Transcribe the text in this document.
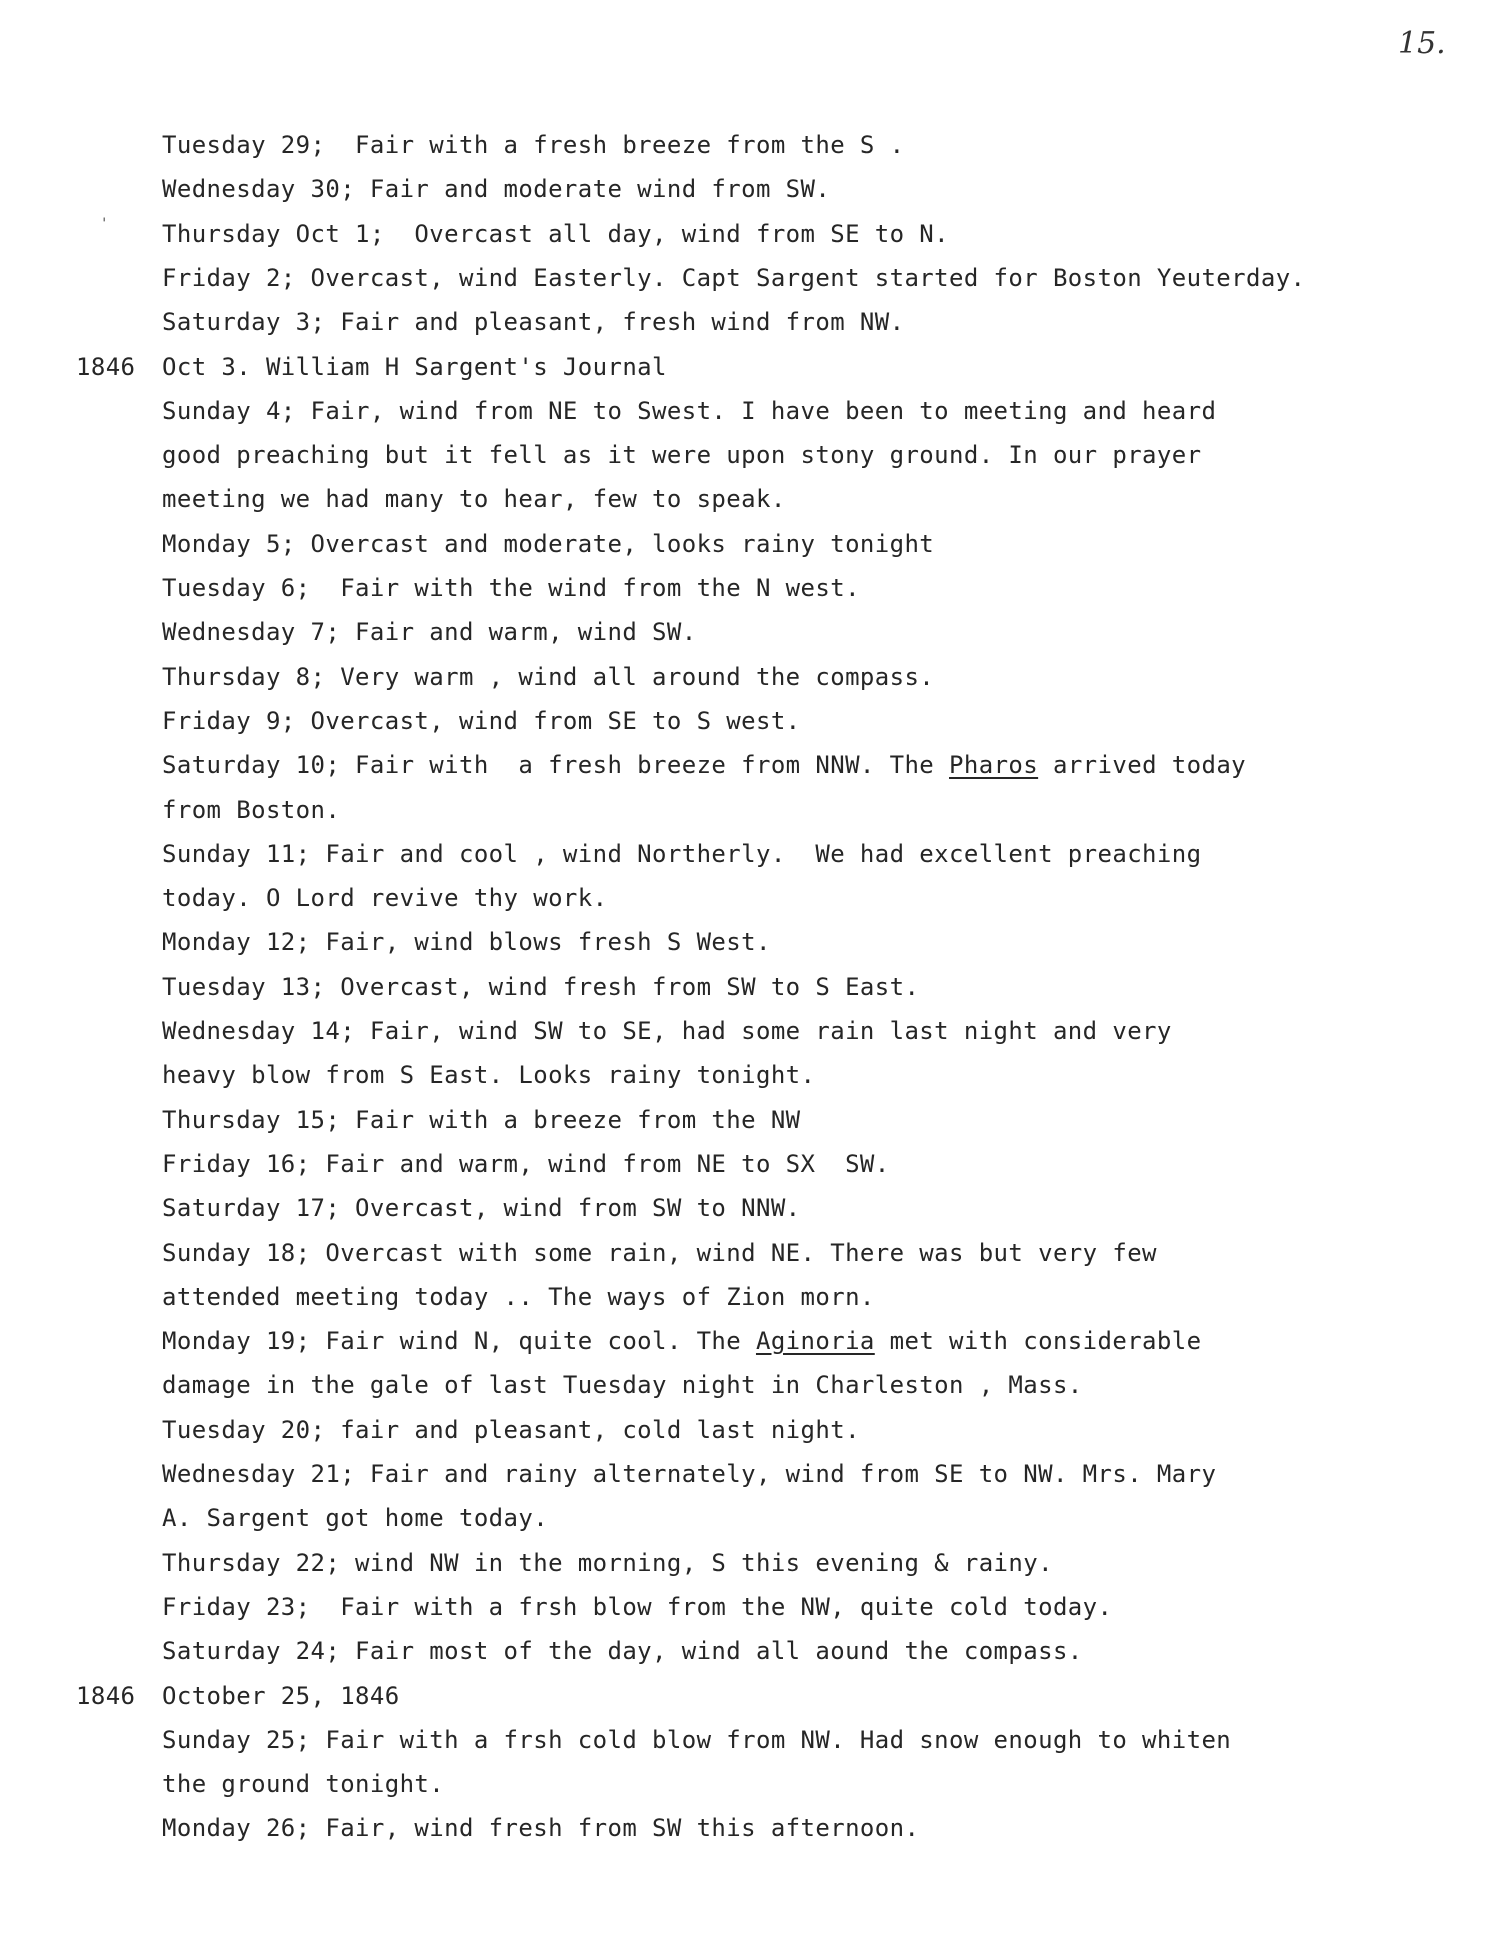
15.
'
Tuesday 29;  Fair with a fresh breeze from the S .
Wednesday 30; Fair and moderate wind from SW.
Thursday Oct 1;  Overcast all day, wind from SE to N.
Friday 2; Overcast, wind Easterly. Capt Sargent started for Boston Yeuterday.
Saturday 3; Fair and pleasant, fresh wind from NW.
1846 Oct 3. William H Sargent's Journal
Sunday 4; Fair, wind from NE to Swest. I have been to meeting and heard
good preaching but it fell as it were upon stony ground. In our prayer
meeting we had many to hear, few to speak.
Monday 5; Overcast and moderate, looks rainy tonight
Tuesday 6;  Fair with the wind from the N west.
Wednesday 7; Fair and warm, wind SW.
Thursday 8; Very warm , wind all around the compass.
Friday 9; Overcast, wind from SE to S west.
Saturday 10; Fair with  a fresh breeze from NNW. The Pharos arrived today
from Boston.
Sunday 11; Fair and cool , wind Northerly.  We had excellent preaching
today. O Lord revive thy work.
Monday 12; Fair, wind blows fresh S West.
Tuesday 13; Overcast, wind fresh from SW to S East.
Wednesday 14; Fair, wind SW to SE, had some rain last night and very
heavy blow from S East. Looks rainy tonight.
Thursday 15; Fair with a breeze from the NW
Friday 16; Fair and warm, wind from NE to SX  SW.
Saturday 17; Overcast, wind from SW to NNW.
Sunday 18; Overcast with some rain, wind NE. There was but very few
attended meeting today .. The ways of Zion morn.
Monday 19; Fair wind N, quite cool. The Aginoria met with considerable
damage in the gale of last Tuesday night in Charleston , Mass.
Tuesday 20; fair and pleasant, cold last night.
Wednesday 21; Fair and rainy alternately, wind from SE to NW. Mrs. Mary
A. Sargent got home today.
Thursday 22; wind NW in the morning, S this evening & rainy.
Friday 23;  Fair with a frsh blow from the NW, quite cold today.
Saturday 24; Fair most of the day, wind all aound the compass.
1846 October 25, 1846
Sunday 25; Fair with a frsh cold blow from NW. Had snow enough to whiten
the ground tonight.
Monday 26; Fair, wind fresh from SW this afternoon.
